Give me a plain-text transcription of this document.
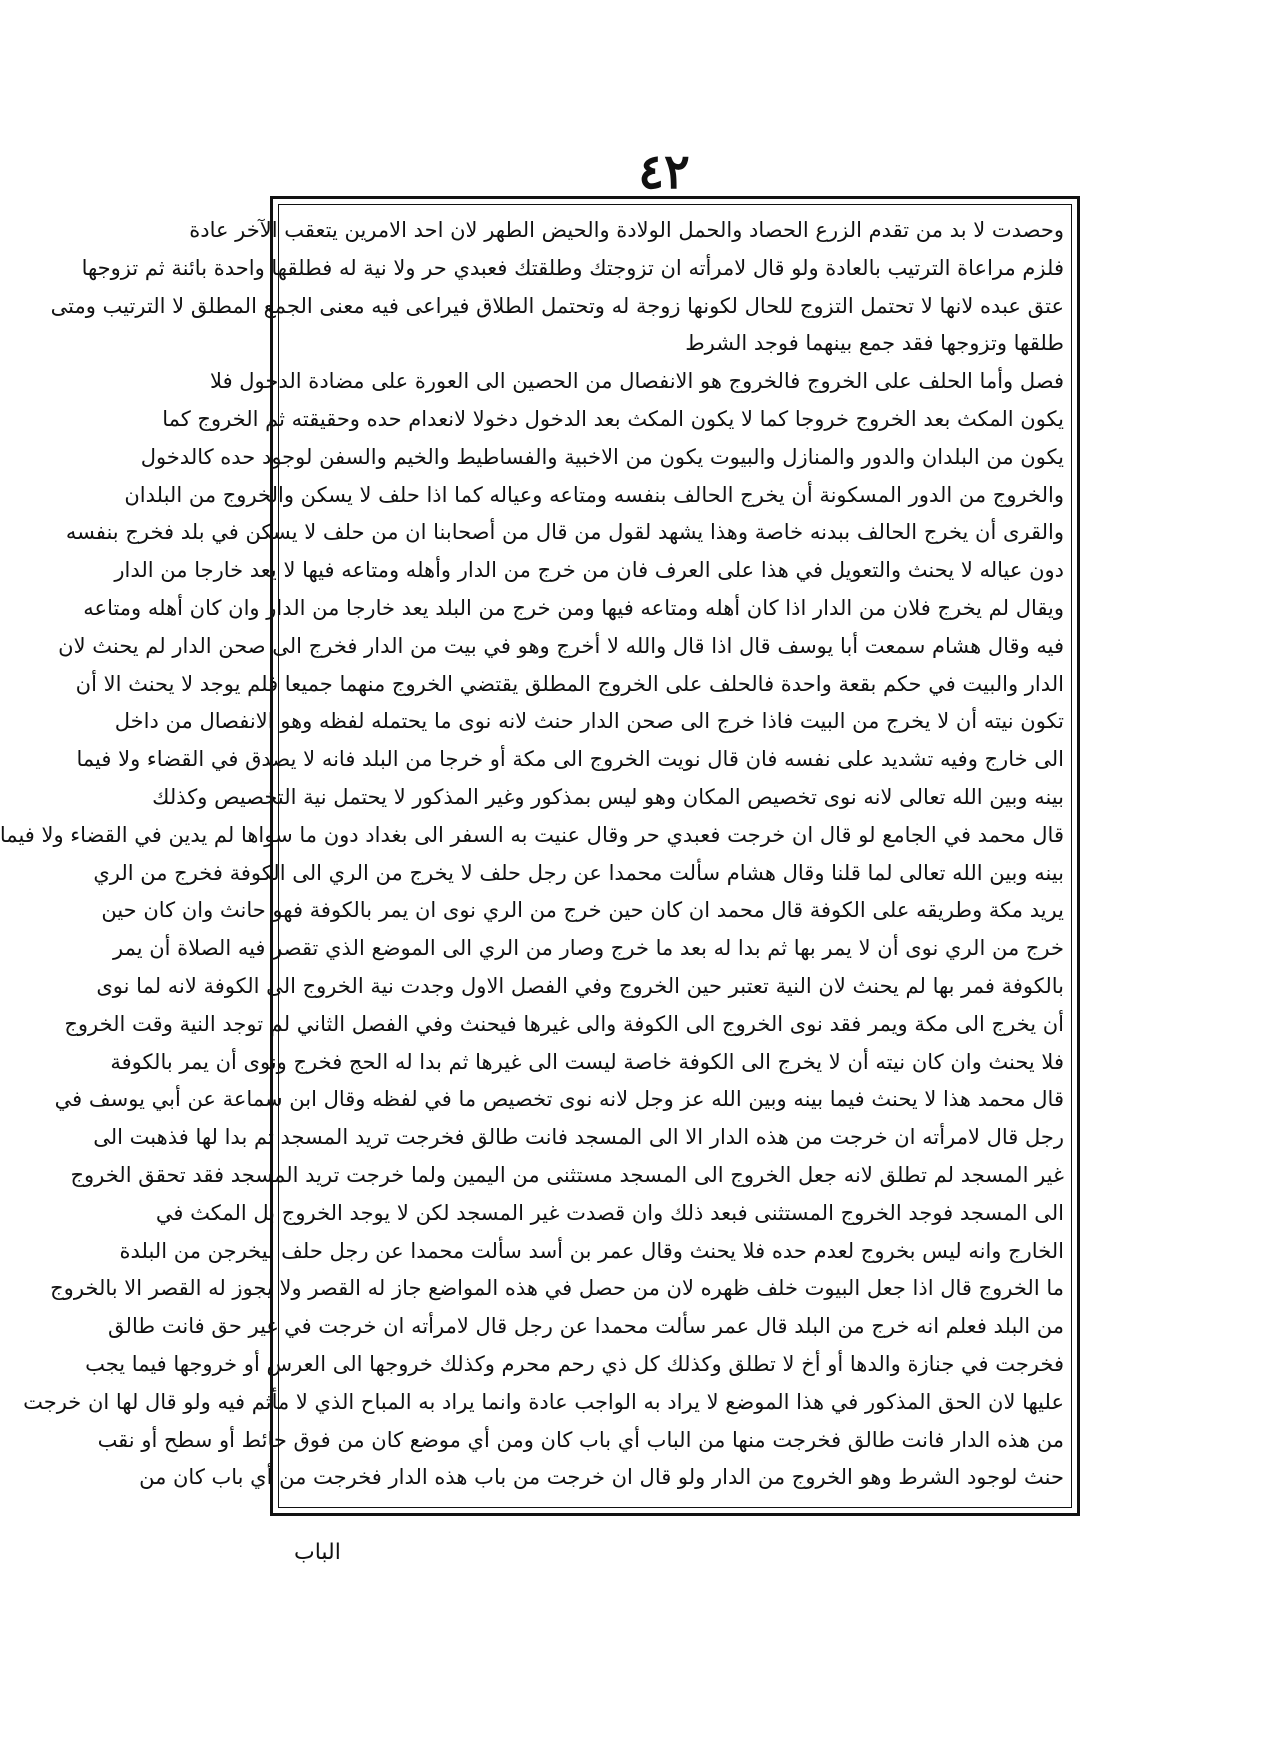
٤٢
وحصدت لا بد من تقدم الزرع الحصاد والحمل الولادة والحيض الطهر لان احد الامرين يتعقب الآخر عادة
فلزم مراعاة الترتيب بالعادة ولو قال لامرأته ان تزوجتك وطلقتك فعبدي حر ولا نية له فطلقها واحدة بائنة ثم تزوجها
عتق عبده لانها لا تحتمل التزوج للحال لكونها زوجة له وتحتمل الطلاق فيراعى فيه معنى الجمع المطلق لا الترتيب ومتى
طلقها وتزوجها فقد جمع بينهما فوجد الشرط
فصل وأما الحلف على الخروج فالخروج هو الانفصال من الحصين الى العورة على مضادة الدخول فلا
يكون المكث بعد الخروج خروجا كما لا يكون المكث بعد الدخول دخولا لانعدام حده وحقيقته ثم الخروج كما
يكون من البلدان والدور والمنازل والبيوت يكون من الاخبية والفساطيط والخيم والسفن لوجود حده كالدخول
والخروج من الدور المسكونة أن يخرج الحالف بنفسه ومتاعه وعياله كما اذا حلف لا يسكن والخروج من البلدان
والقرى أن يخرج الحالف ببدنه خاصة وهذا يشهد لقول من قال من أصحابنا ان من حلف لا يسكن في بلد فخرج بنفسه
دون عياله لا يحنث والتعويل في هذا على العرف فان من خرج من الدار وأهله ومتاعه فيها لا يعد خارجا من الدار
ويقال لم يخرج فلان من الدار اذا كان أهله ومتاعه فيها ومن خرج من البلد يعد خارجا من الدار وان كان أهله ومتاعه
فيه وقال هشام سمعت أبا يوسف قال اذا قال والله لا أخرج وهو في بيت من الدار فخرج الى صحن الدار لم يحنث لان
الدار والبيت في حكم بقعة واحدة فالحلف على الخروج المطلق يقتضي الخروج منهما جميعا فلم يوجد لا يحنث الا أن
تكون نيته أن لا يخرج من البيت فاذا خرج الى صحن الدار حنث لانه نوى ما يحتمله لفظه وهو الانفصال من داخل
الى خارج وفيه تشديد على نفسه فان قال نويت الخروج الى مكة أو خرجا من البلد فانه لا يصدق في القضاء ولا فيما
بينه وبين الله تعالى لانه نوى تخصيص المكان وهو ليس بمذكور وغير المذكور لا يحتمل نية التخصيص وكذلك
قال محمد في الجامع لو قال ان خرجت فعبدي حر وقال عنيت به السفر الى بغداد دون ما سواها لم يدين في القضاء ولا فيما
بينه وبين الله تعالى لما قلنا وقال هشام سألت محمدا عن رجل حلف لا يخرج من الري الى الكوفة فخرج من الري
يريد مكة وطريقه على الكوفة قال محمد ان كان حين خرج من الري نوى ان يمر بالكوفة فهو حانث وان كان حين
خرج من الري نوى أن لا يمر بها ثم بدا له بعد ما خرج وصار من الري الى الموضع الذي تقصر فيه الصلاة أن يمر
بالكوفة فمر بها لم يحنث لان النية تعتبر حين الخروج وفي الفصل الاول وجدت نية الخروج الى الكوفة لانه لما نوى
أن يخرج الى مكة ويمر فقد نوى الخروج الى الكوفة والى غيرها فيحنث وفي الفصل الثاني لم توجد النية وقت الخروج
فلا يحنث وان كان نيته أن لا يخرج الى الكوفة خاصة ليست الى غيرها ثم بدا له الحج فخرج ونوى أن يمر بالكوفة
قال محمد هذا لا يحنث فيما بينه وبين الله عز وجل لانه نوى تخصيص ما في لفظه وقال ابن سماعة عن أبي يوسف في
رجل قال لامرأته ان خرجت من هذه الدار الا الى المسجد فانت طالق فخرجت تريد المسجد ثم بدا لها فذهبت الى
غير المسجد لم تطلق لانه جعل الخروج الى المسجد مستثنى من اليمين ولما خرجت تريد المسجد فقد تحقق الخروج
الى المسجد فوجد الخروج المستثنى فبعد ذلك وان قصدت غير المسجد لكن لا يوجد الخروج بل المكث في
الخارج وانه ليس بخروج لعدم حده فلا يحنث وقال عمر بن أسد سألت محمدا عن رجل حلف ليخرجن من البلدة
ما الخروج قال اذا جعل البيوت خلف ظهره لان من حصل في هذه المواضع جاز له القصر ولا يجوز له القصر الا بالخروج
من البلد فعلم انه خرج من البلد قال عمر سألت محمدا عن رجل قال لامرأته ان خرجت في غير حق فانت طالق
فخرجت في جنازة والدها أو أخ لا تطلق وكذلك كل ذي رحم محرم وكذلك خروجها الى العرس أو خروجها فيما يجب
عليها لان الحق المذكور في هذا الموضع لا يراد به الواجب عادة وانما يراد به المباح الذي لا مأثم فيه ولو قال لها ان خرجت
من هذه الدار فانت طالق فخرجت منها من الباب أي باب كان ومن أي موضع كان من فوق حائط أو سطح أو نقب
حنث لوجود الشرط وهو الخروج من الدار ولو قال ان خرجت من باب هذه الدار فخرجت من أي باب كان من
الباب
